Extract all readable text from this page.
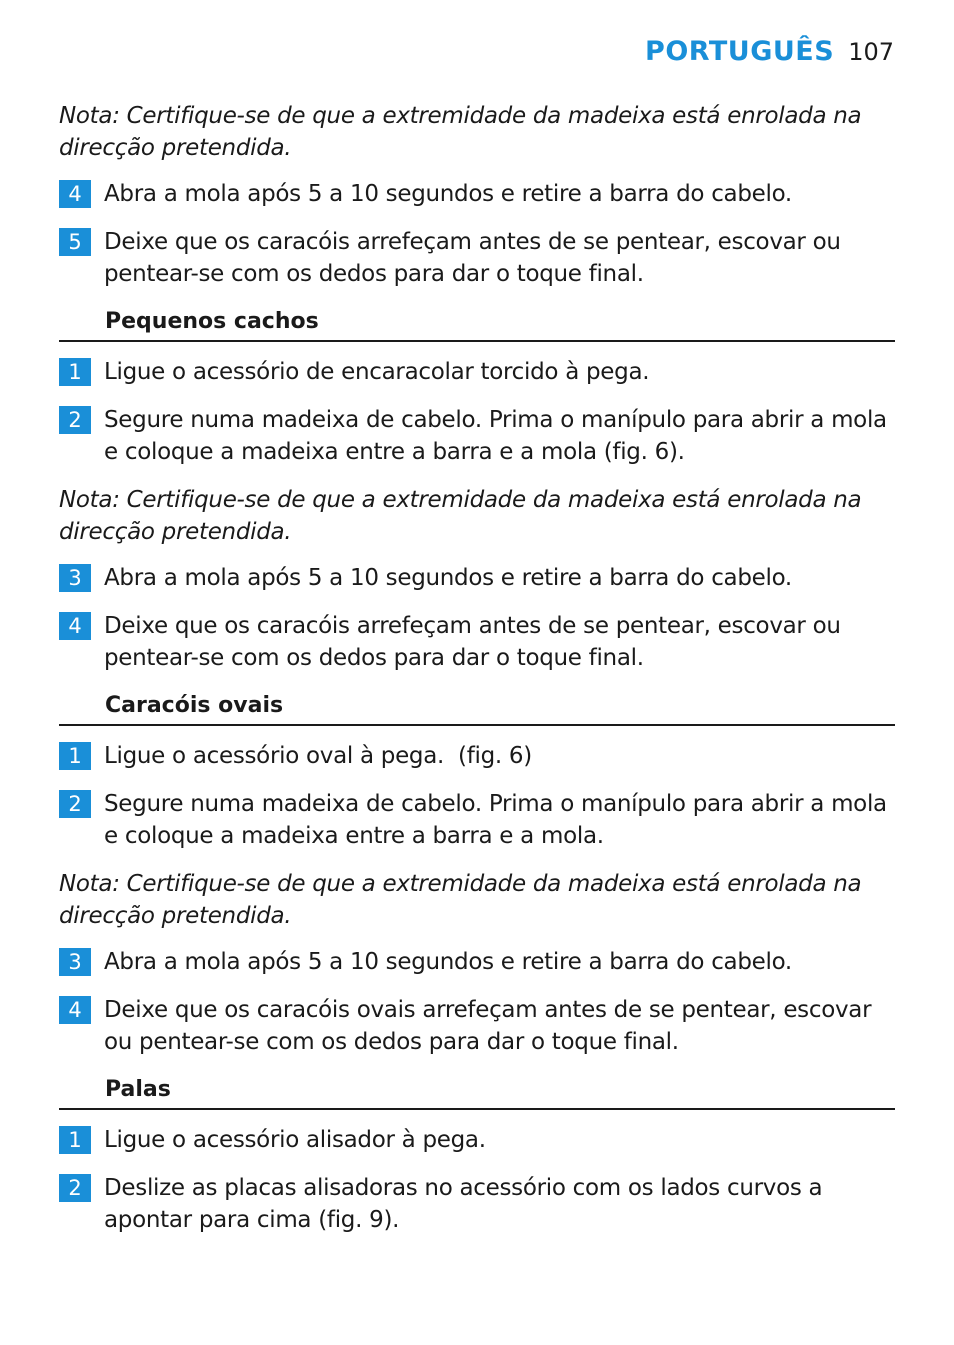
PORTUGUÊS 107

Nota: Certifique-se de que a extremidade da madeixa está enrolada na direcção pretendida.

4 Abra a mola após 5 a 10 segundos e retire a barra do cabelo.
5 Deixe que os caracóis arrefeçam antes de se pentear, escovar ou pentear-se com os dedos para dar o toque final.
Pequenos cachos
1 Ligue o acessório de encaracolar torcido à pega.
2 Segure numa madeixa de cabelo. Prima o manípulo para abrir a mola e coloque a madeixa entre a barra e a mola (fig. 6).

Nota: Certifique-se de que a extremidade da madeixa está enrolada na direcção pretendida.

3 Abra a mola após 5 a 10 segundos e retire a barra do cabelo.
4 Deixe que os caracóis arrefeçam antes de se pentear, escovar ou pentear-se com os dedos para dar o toque final.
Caracóis ovais
1 Ligue o acessório oval à pega.  (fig. 6)
2 Segure numa madeixa de cabelo. Prima o manípulo para abrir a mola e coloque a madeixa entre a barra e a mola.

Nota: Certifique-se de que a extremidade da madeixa está enrolada na direcção pretendida.

3 Abra a mola após 5 a 10 segundos e retire a barra do cabelo.
4 Deixe que os caracóis ovais arrefeçam antes de se pentear, escovar ou pentear-se com os dedos para dar o toque final.
Palas
1 Ligue o acessório alisador à pega.
2 Deslize as placas alisadoras no acessório com os lados curvos a apontar para cima (fig. 9).
